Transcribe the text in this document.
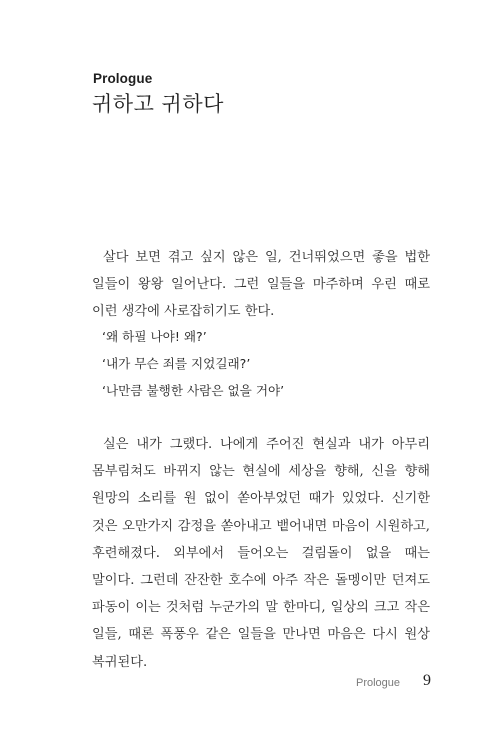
Prologue
귀하고 귀하다

살다 보면 겪고 싶지 않은 일, 건너뛰었으면 좋을 법한 일들이 왕왕 일어난다. 그런 일들을 마주하며 우린 때로 이런 생각에 사로잡히기도 한다.

‘왜 하필 나야! 왜?’
‘내가 무슨 죄를 지었길래?’
‘나만큼 불행한 사람은 없을 거야’

실은 내가 그랬다. 나에게 주어진 현실과 내가 아무리 몸부림쳐도 바뀌지 않는 현실에 세상을 향해, 신을 향해 원망의 소리를 원 없이 쏟아부었던 때가 있었다. 신기한 것은 오만가지 감정을 쏟아내고 뱉어내면 마음이 시원하고, 후련해졌다. 외부에서 들어오는 걸림돌이 없을 때는 말이다. 그런데 잔잔한 호수에 아주 작은 돌멩이만 던져도 파동이 이는 것처럼 누군가의 말 한마디, 일상의 크고 작은 일들, 때론 폭풍우 같은 일들을 만나면 마음은 다시 원상 복귀된다.

Prologue 9
